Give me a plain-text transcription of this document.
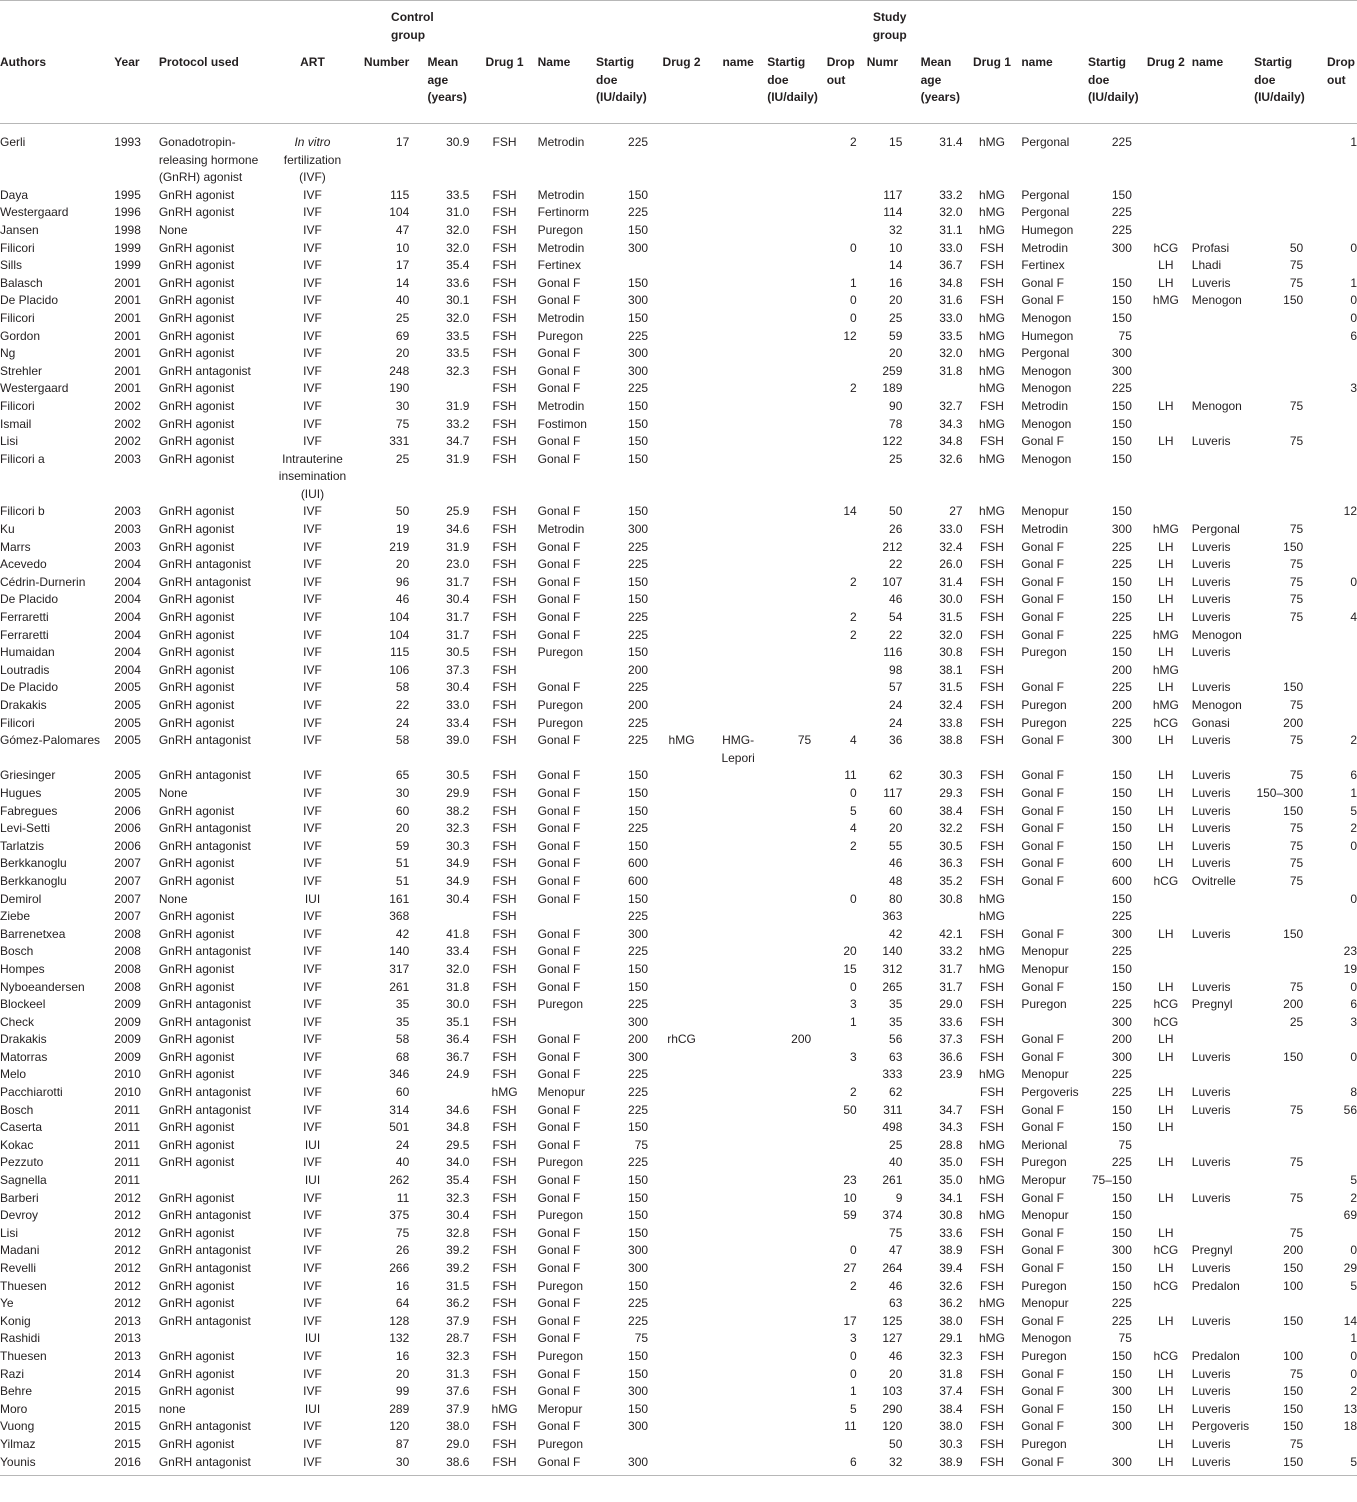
				Control group									Study group								

Authors	Year	Protocol used	ART	Number	Mean age (years)	Drug 1	Name	Startig doe (IU/daily)	Drug 2	name	Startig doe (IU/daily)	Drop out	Numr	Mean age (years)	Drug 1	name	Startig doe (IU/daily)	Drug 2	name	Startig doe (IU/daily)	Drop out
Gerli	1993	Gonadotropin-releasing hormone (GnRH) agonist	In vitro fertilization (IVF)	17	30.9	FSH	Metrodin	225				2	15	31.4	hMG	Pergonal	225				1
Daya	1995	GnRH agonist	IVF	115	33.5	FSH	Metrodin	150					117	33.2	hMG	Pergonal	150				
Westergaard	1996	GnRH agonist	IVF	104	31.0	FSH	Fertinorm	225					114	32.0	hMG	Pergonal	225				
Jansen	1998	None	IVF	47	32.0	FSH	Puregon	150					32	31.1	hMG	Humegon	225				
Filicori	1999	GnRH agonist	IVF	10	32.0	FSH	Metrodin	300				0	10	33.0	FSH	Metrodin	300	hCG	Profasi	50	0
Sills	1999	GnRH agonist	IVF	17	35.4	FSH	Fertinex						14	36.7	FSH	Fertinex		LH	Lhadi	75	
Balasch	2001	GnRH agonist	IVF	14	33.6	FSH	Gonal F	150				1	16	34.8	FSH	Gonal F	150	LH	Luveris	75	1
De Placido	2001	GnRH agonist	IVF	40	30.1	FSH	Gonal F	300				0	20	31.6	FSH	Gonal F	150	hMG	Menogon	150	0
Filicori	2001	GnRH agonist	IVF	25	32.0	FSH	Metrodin	150				0	25	33.0	hMG	Menogon	150				0
Gordon	2001	GnRH agonist	IVF	69	33.5	FSH	Puregon	225				12	59	33.5	hMG	Humegon	75				6
Ng	2001	GnRH agonist	IVF	20	33.5	FSH	Gonal F	300					20	32.0	hMG	Pergonal	300				
Strehler	2001	GnRH antagonist	IVF	248	32.3	FSH	Gonal F	300					259	31.8	hMG	Menogon	300				
Westergaard	2001	GnRH agonist	IVF	190		FSH	Gonal F	225				2	189		hMG	Menogon	225				3
Filicori	2002	GnRH agonist	IVF	30	31.9	FSH	Metrodin	150					90	32.7	FSH	Metrodin	150	LH	Menogon	75	
Ismail	2002	GnRH agonist	IVF	75	33.2	FSH	Fostimon	150					78	34.3	hMG	Menogon	150				
Lisi	2002	GnRH agonist	IVF	331	34.7	FSH	Gonal F	150					122	34.8	FSH	Gonal F	150	LH	Luveris	75	
Filicori a	2003	GnRH agonist	Intrauterine insemination (IUI)	25	31.9	FSH	Gonal F	150					25	32.6	hMG	Menogon	150				
Filicori b	2003	GnRH agonist	IVF	50	25.9	FSH	Gonal F	150				14	50	27	hMG	Menopur	150				12
Ku	2003	GnRH agonist	IVF	19	34.6	FSH	Metrodin	300					26	33.0	FSH	Metrodin	300	hMG	Pergonal	75	
Marrs	2003	GnRH agonist	IVF	219	31.9	FSH	Gonal F	225					212	32.4	FSH	Gonal F	225	LH	Luveris	150	
Acevedo	2004	GnRH antagonist	IVF	20	23.0	FSH	Gonal F	225					22	26.0	FSH	Gonal F	225	LH	Luveris	75	
Cédrin-Durnerin	2004	GnRH antagonist	IVF	96	31.7	FSH	Gonal F	150				2	107	31.4	FSH	Gonal F	150	LH	Luveris	75	0
De Placido	2004	GnRH agonist	IVF	46	30.4	FSH	Gonal F	150					46	30.0	FSH	Gonal F	150	LH	Luveris	75	
Ferraretti	2004	GnRH agonist	IVF	104	31.7	FSH	Gonal F	225				2	54	31.5	FSH	Gonal F	225	LH	Luveris	75	4
Ferraretti	2004	GnRH agonist	IVF	104	31.7	FSH	Gonal F	225				2	22	32.0	FSH	Gonal F	225	hMG	Menogon		
Humaidan	2004	GnRH agonist	IVF	115	30.5	FSH	Puregon	150					116	30.8	FSH	Puregon	150	LH	Luveris		
Loutradis	2004	GnRH agonist	IVF	106	37.3	FSH		200					98	38.1	FSH		200	hMG			
De Placido	2005	GnRH agonist	IVF	58	30.4	FSH	Gonal F	225					57	31.5	FSH	Gonal F	225	LH	Luveris	150	
Drakakis	2005	GnRH agonist	IVF	22	33.0	FSH	Puregon	200					24	32.4	FSH	Puregon	200	hMG	Menogon	75	
Filicori	2005	GnRH agonist	IVF	24	33.4	FSH	Puregon	225					24	33.8	FSH	Puregon	225	hCG	Gonasi	200	
Gómez-Palomares	2005	GnRH antagonist	IVF	58	39.0	FSH	Gonal F	225	hMG	HMG-Lepori	75	4	36	38.8	FSH	Gonal F	300	LH	Luveris	75	2
Griesinger	2005	GnRH antagonist	IVF	65	30.5	FSH	Gonal F	150				11	62	30.3	FSH	Gonal F	150	LH	Luveris	75	6
Hugues	2005	None	IVF	30	29.9	FSH	Gonal F	150				0	117	29.3	FSH	Gonal F	150	LH	Luveris	150–300	1
Fabregues	2006	GnRH agonist	IVF	60	38.2	FSH	Gonal F	150				5	60	38.4	FSH	Gonal F	150	LH	Luveris	150	5
Levi-Setti	2006	GnRH antagonist	IVF	20	32.3	FSH	Gonal F	225				4	20	32.2	FSH	Gonal F	150	LH	Luveris	75	2
Tarlatzis	2006	GnRH antagonist	IVF	59	30.3	FSH	Gonal F	150				2	55	30.5	FSH	Gonal F	150	LH	Luveris	75	0
Berkkanoglu	2007	GnRH agonist	IVF	51	34.9	FSH	Gonal F	600					46	36.3	FSH	Gonal F	600	LH	Luveris	75	
Berkkanoglu	2007	GnRH agonist	IVF	51	34.9	FSH	Gonal F	600					48	35.2	FSH	Gonal F	600	hCG	Ovitrelle	75	
Demirol	2007	None	IUI	161	30.4	FSH	Gonal F	150				0	80	30.8	hMG		150				0
Ziebe	2007	GnRH agonist	IVF	368		FSH		225					363		hMG		225				
Barrenetxea	2008	GnRH agonist	IVF	42	41.8	FSH	Gonal F	300					42	42.1	FSH	Gonal F	300	LH	Luveris	150	
Bosch	2008	GnRH antagonist	IVF	140	33.4	FSH	Gonal F	225				20	140	33.2	hMG	Menopur	225				23
Hompes	2008	GnRH agonist	IVF	317	32.0	FSH	Gonal F	150				15	312	31.7	hMG	Menopur	150				19
Nyboeandersen	2008	GnRH agonist	IVF	261	31.8	FSH	Gonal F	150				0	265	31.7	FSH	Gonal F	150	LH	Luveris	75	0
Blockeel	2009	GnRH antagonist	IVF	35	30.0	FSH	Puregon	225				3	35	29.0	FSH	Puregon	225	hCG	Pregnyl	200	6
Check	2009	GnRH antagonist	IVF	35	35.1	FSH		300				1	35	33.6	FSH		300	hCG		25	3
Drakakis	2009	GnRH agonist	IVF	58	36.4	FSH	Gonal F	200	rhCG		200		56	37.3	FSH	Gonal F	200	LH			
Matorras	2009	GnRH agonist	IVF	68	36.7	FSH	Gonal F	300				3	63	36.6	FSH	Gonal F	300	LH	Luveris	150	0
Melo	2010	GnRH agonist	IVF	346	24.9	FSH	Gonal F	225					333	23.9	hMG	Menopur	225				
Pacchiarotti	2010	GnRH antagonist	IVF	60		hMG	Menopur	225				2	62		FSH	Pergoveris	225	LH	Luveris		8
Bosch	2011	GnRH antagonist	IVF	314	34.6	FSH	Gonal F	225				50	311	34.7	FSH	Gonal F	150	LH	Luveris	75	56
Caserta	2011	GnRH agonist	IVF	501	34.8	FSH	Gonal F	150					498	34.3	FSH	Gonal F	150	LH			
Kokac	2011	GnRH agonist	IUI	24	29.5	FSH	Gonal F	75					25	28.8	hMG	Merional	75				
Pezzuto	2011	GnRH agonist	IVF	40	34.0	FSH	Puregon	225					40	35.0	FSH	Puregon	225	LH	Luveris	75	
Sagnella	2011		IUI	262	35.4	FSH	Gonal F	150				23	261	35.0	hMG	Meropur	75–150				5
Barberi	2012	GnRH agonist	IVF	11	32.3	FSH	Gonal F	150				10	9	34.1	FSH	Gonal F	150	LH	Luveris	75	2
Devroy	2012	GnRH antagonist	IVF	375	30.4	FSH	Puregon	150				59	374	30.8	hMG	Menopur	150				69
Lisi	2012	GnRH agonist	IVF	75	32.8	FSH	Gonal F	150					75	33.6	FSH	Gonal F	150	LH		75	
Madani	2012	GnRH antagonist	IVF	26	39.2	FSH	Gonal F	300				0	47	38.9	FSH	Gonal F	300	hCG	Pregnyl	200	0
Revelli	2012	GnRH antagonist	IVF	266	39.2	FSH	Gonal F	300				27	264	39.4	FSH	Gonal F	150	LH	Luveris	150	29
Thuesen	2012	GnRH agonist	IVF	16	31.5	FSH	Puregon	150				2	46	32.6	FSH	Puregon	150	hCG	Predalon	100	5
Ye	2012	GnRH agonist	IVF	64	36.2	FSH	Gonal F	225					63	36.2	hMG	Menopur	225				
Konig	2013	GnRH antagonist	IVF	128	37.9	FSH	Gonal F	225				17	125	38.0	FSH	Gonal F	225	LH	Luveris	150	14
Rashidi	2013		IUI	132	28.7	FSH	Gonal F	75				3	127	29.1	hMG	Menogon	75				1
Thuesen	2013	GnRH agonist	IVF	16	32.3	FSH	Puregon	150				0	46	32.3	FSH	Puregon	150	hCG	Predalon	100	0
Razi	2014	GnRH agonist	IVF	20	31.3	FSH	Gonal F	150				0	20	31.8	FSH	Gonal F	150	LH	Luveris	75	0
Behre	2015	GnRH agonist	IVF	99	37.6	FSH	Gonal F	300				1	103	37.4	FSH	Gonal F	300	LH	Luveris	150	2
Moro	2015	none	IUI	289	37.9	hMG	Meropur	150				5	290	38.4	FSH	Gonal F	150	LH	Luveris	150	13
Vuong	2015	GnRH antagonist	IVF	120	38.0	FSH	Gonal F	300				11	120	38.0	FSH	Gonal F	300	LH	Pergoveris	150	18
Yilmaz	2015	GnRH agonist	IVF	87	29.0	FSH	Puregon						50	30.3	FSH	Puregon		LH	Luveris	75	
Younis	2016	GnRH antagonist	IVF	30	38.6	FSH	Gonal F	300				6	32	38.9	FSH	Gonal F	300	LH	Luveris	150	5
